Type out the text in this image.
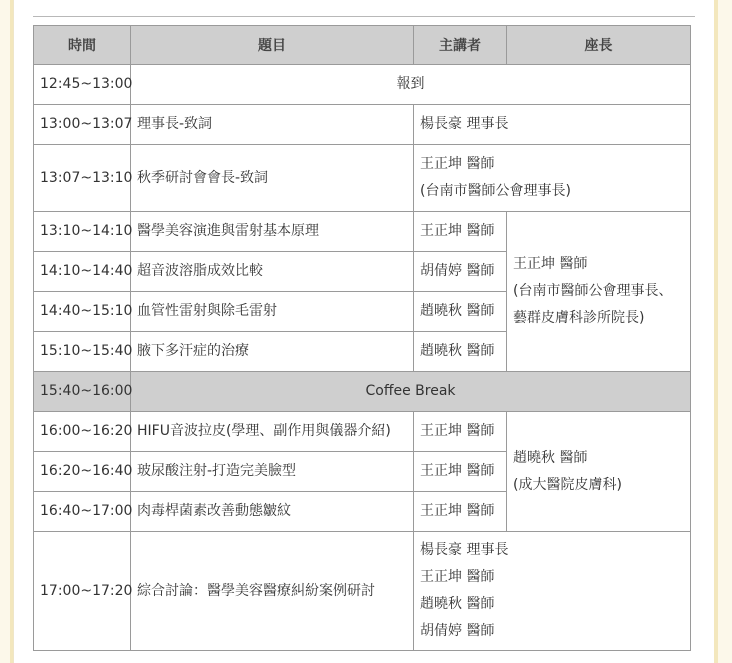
時間	題目	主講者	座長
12:45~13:00	報到		
13:00~13:07	理事長-致詞	楊長豪 理事長	
13:07~13:10	秋季研討會會長-致詞	王正坤 醫師
(台南市醫師公會理事長)	

13:10~14:10	醫學美容演進與雷射基本原理	王正坤 醫師	王正坤 醫師
(台南市醫師公會理事長、
藝群皮膚科診所院長)

14:10~14:40	超音波溶脂成效比較	胡倩婷 醫師	
14:40~15:10	血管性雷射與除毛雷射	趙曉秋 醫師	
15:10~15:40	腋下多汗症的治療	趙曉秋 醫師	
15:40~16:00	Coffee Break		
16:00~16:20	HIFU音波拉皮(學理、副作用與儀器介紹)	王正坤 醫師	趙曉秋 醫師
(成大醫院皮膚科)

16:20~16:40	玻尿酸注射-打造完美臉型	王正坤 醫師	
16:40~17:00	肉毒桿菌素改善動態皺紋	王正坤 醫師	
17:00~17:20	綜合討論：醫學美容醫療糾紛案例研討	楊長豪 理事長
王正坤 醫師
趙曉秋 醫師
胡倩婷 醫師	
